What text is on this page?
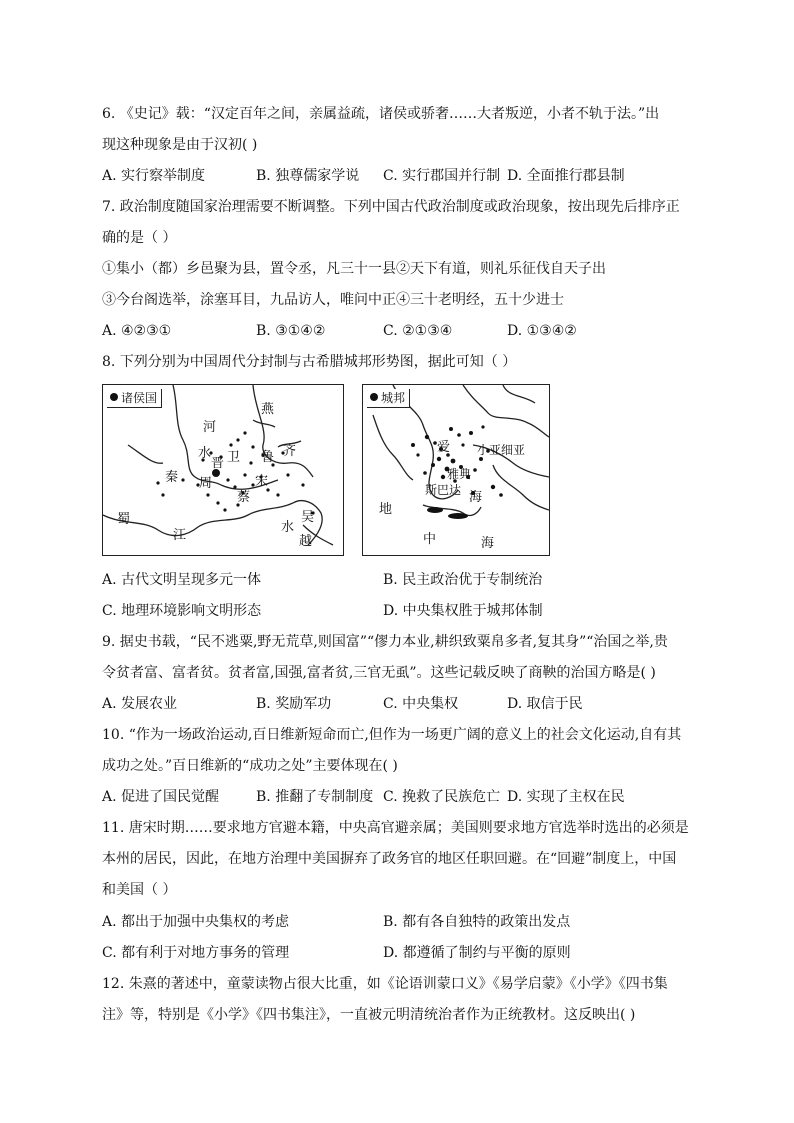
6. 《史记》载：“汉定百年之间，亲属益疏，诸侯或骄奢……大者叛逆，小者不轨于法。”出
现这种现象是由于汉初( )
A. 实行察举制度	B. 独尊儒家学说 C. 实行郡国并行制 D. 全面推行郡县制
7. 政治制度随国家治理需要不断调整。下列中国古代政治制度或政治现象，按出现先后排序正
确的是（ ）
①集小（都）乡邑聚为县，置令丞，凡三十一县②天下有道，则礼乐征伐自天子出
③今台阁选举，涂塞耳目，九品访人，唯问中正④三十老明经，五十少进士
A. ④②③①	B. ③①④②	C. ②①③④	D. ①③④②
8. 下列分别为中国周代分封制与古希腊城邦形势图，据此可知（ ）
诸侯国
燕
河
水
晋 卫 鲁 齐
秦 周	宋
蔡
蜀
江
水
吴
越
城邦
爱 小亚细亚
雅典
斯巴达 海
地
中	海
A. 古代文明呈现多元一体	B. 民主政治优于专制统治
C. 地理环境影响文明形态	D. 中央集权胜于城邦体制
9. 据史书载，“民不逃粟,野无荒草,则国富”“僇力本业,耕织致粟帛多者,复其身”“治国之举,贵
令贫者富、富者贫。贫者富,国强,富者贫,三官无虱”。这些记载反映了商鞅的治国方略是( )
A. 发展农业	B. 奖励军功	C. 中央集权	D. 取信于民
10. “作为一场政治运动,百日维新短命而亡,但作为一场更广阔的意义上的社会文化运动,自有其
成功之处。”百日维新的“成功之处”主要体现在( )
A. 促进了国民觉醒	B. 推翻了专制制度 C. 挽救了民族危亡 D. 实现了主权在民
11. 唐宋时期……要求地方官避本籍，中央高官避亲属；美国则要求地方官选举时选出的必须是
本州的居民，因此，在地方治理中美国摒弃了政务官的地区任职回避。在“回避”制度上，中国
和美国（ ）
A. 都出于加强中央集权的考虑	B. 都有各自独特的政策出发点
C. 都有利于对地方事务的管理	D. 都遵循了制约与平衡的原则
12. 朱熹的著述中，童蒙读物占很大比重，如《论语训蒙口义》《易学启蒙》《小学》《四书集
注》等，特别是《小学》《四书集注》，一直被元明清统治者作为正统教材。这反映出( )
